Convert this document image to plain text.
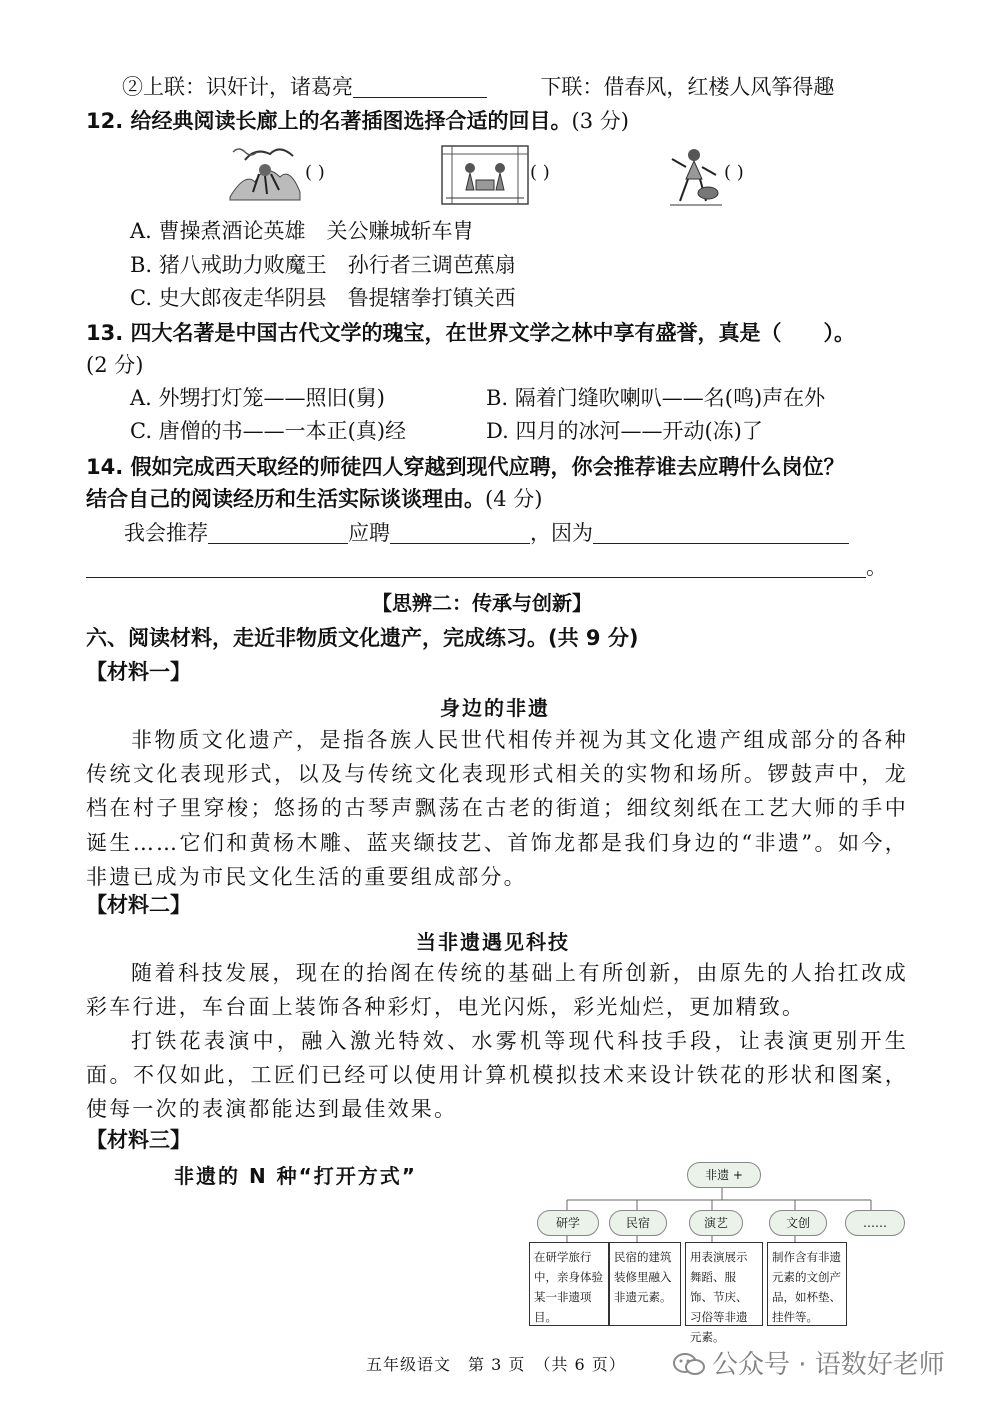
②上联：识奸计，诸葛亮	下联：借春风，红楼人风筝得趣
12. 给经典阅读长廊上的名著插图选择合适的回目。(3 分)
( )	( )	( )
A. 曹操煮酒论英雄　关公赚城斩车胄
B. 猪八戒助力败魔王　孙行者三调芭蕉扇
C. 史大郎夜走华阴县　鲁提辖拳打镇关西
13. 四大名著是中国古代文学的瑰宝，在世界文学之林中享有盛誉，真是（　　）。
(2 分)
A. 外甥打灯笼——照旧(舅)	B. 隔着门缝吹喇叭——名(鸣)声在外
C. 唐僧的书——一本正(真)经	D. 四月的冰河——开动(冻)了
14. 假如完成西天取经的师徒四人穿越到现代应聘，你会推荐谁去应聘什么岗位？
结合自己的阅读经历和生活实际谈谈理由。(4 分)
我会推荐	应聘	，因为
。
【思辨二：传承与创新】
六、阅读材料，走近非物质文化遗产，完成练习。(共 9 分)
【材料一】
身边的非遗
非物质文化遗产，是指各族人民世代相传并视为其文化遗产组成部分的各种传统文化表现形式，以及与传统文化表现形式相关的实物和场所。锣鼓声中，龙档在村子里穿梭；悠扬的古琴声飘荡在古老的街道；细纹刻纸在工艺大师的手中诞生……它们和黄杨木雕、蓝夹缬技艺、首饰龙都是我们身边的“非遗”。如今，非遗已成为市民文化生活的重要组成部分。
【材料二】
当非遗遇见科技
随着科技发展，现在的抬阁在传统的基础上有所创新，由原先的人抬扛改成彩车行进，车台面上装饰各种彩灯，电光闪烁，彩光灿烂，更加精致。
打铁花表演中，融入激光特效、水雾机等现代科技手段，让表演更别开生面。不仅如此，工匠们已经可以使用计算机模拟技术来设计铁花的形状和图案，使每一次的表演都能达到最佳效果。
【材料三】
非遗的 N 种“打开方式”	非遗 +
研学	民宿	演艺	文创	……
在研学旅行中，亲身体验某一非遗项目。
民宿的建筑装修里融入非遗元素。
用表演展示舞蹈、服饰、节庆、习俗等非遗元素。
制作含有非遗元素的文创产品，如杯垫、挂件等。
五年级语文　第 3 页　（共 6 页）	公众号 · 语数好老师
